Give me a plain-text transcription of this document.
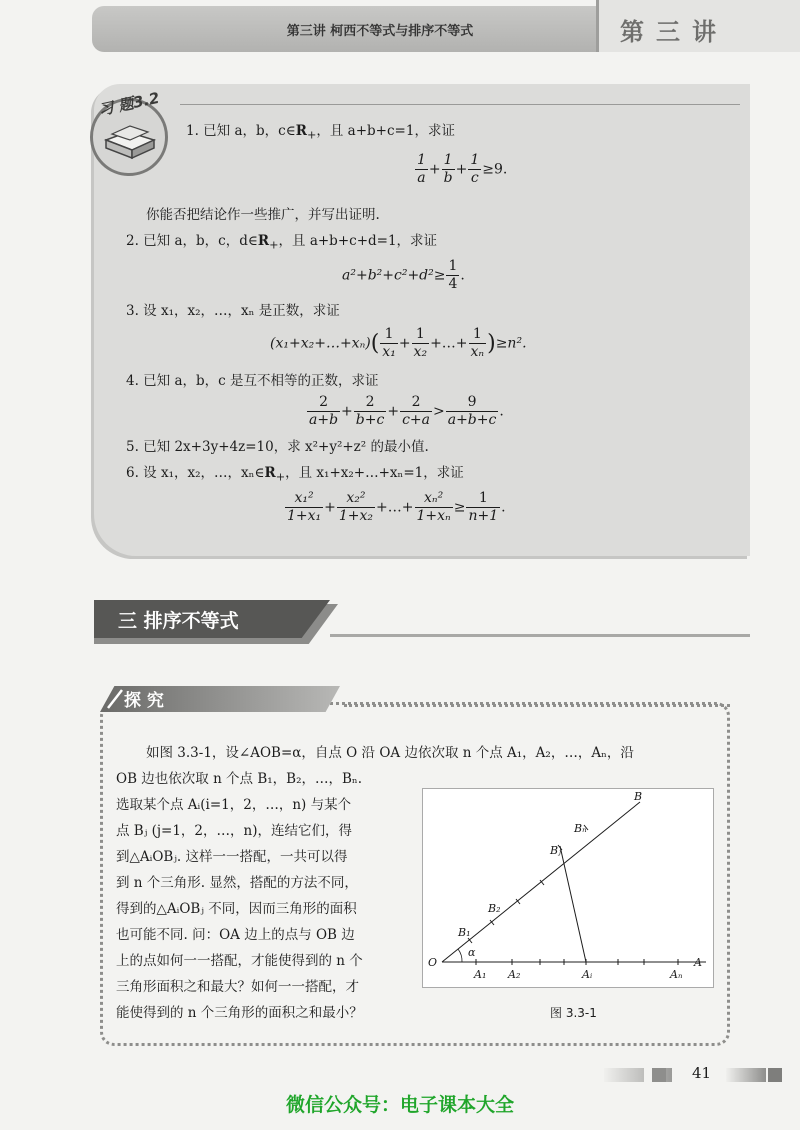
第三讲 柯西不等式与排序不等式	第三讲
习 题3.2
1. 已知 a，b，$c\in R_+$，且 a+b+c=1，求证
$\frac{1}{a} + \frac{1}{b} + \frac{1}{c} \ge 9$.
你能否把结论作一些推广，并写出证明.
2. 已知 a，b，c，$d\in R_+$，且 a+b+c+d=1，求证
$a^2+b^2+c^2+d^2\ge \frac{1}{4}$ .
3. 设 x₁，x₂，…，xₙ 是正数，求证
(x₁+x₂+…+xₙ)( $\frac{1}{\text{x₁}} + \frac{1}{\text{x₂}}$ +…+ $\frac{1}{\text{xₙ}} )\ge n^2$.
4. 已知 a，b，c 是互不相等的正数，求证
$\frac{2}{a+b} + \frac{2}{b+c} + \frac{2}{c+a} > \frac{9}{a+b+c}$ .
5. 已知 2x+3y+4z=10，求 x²+y²+z² 的最小值.
6. 设 x₁，x₂，…，$x_n\in R_+$，且 x₁+x₂+…+xₙ=1，求证
$\frac{\text{x₁²}}{\text{1+x₁}} + \frac{\text{x₂²}}{\text{1+x₂}}$ +…+ $\frac{\text{xₙ²}}{\text{1+xₙ}} \ge \frac{1}{n+1}$ .
三 排序不等式
探 究
如图 3.3-1，设∠AOB=α，自点 O 沿 OA 边依次取 n 个点 A₁，A₂，…，Aₙ，沿
OB 边也依次取 n 个点 B₁，B₂，…，Bₙ.
选取某个点 Aᵢ(i=1，2，…，n) 与某个
点 Bⱼ (j=1，2，…，n)，连结它们，得
到△AᵢOBⱼ. 这样一一搭配，一共可以得
到 n 个三角形. 显然，搭配的方法不同，
得到的△AᵢOBⱼ 不同，因而三角形的面积
也可能不同. 问：OA 边上的点与 OB 边
上的点如何一一搭配，才能使得到的 n 个
三角形面积之和最大？如何一一搭配，才
能使得到的 n 个三角形的面积之和最小？
B
Bₙ
Bⱼ
B₂
B₁
α
O
A₁ A₂	Aᵢ	Aₙ
A
图 3.3-1
41
微信公众号：电子课本大全
